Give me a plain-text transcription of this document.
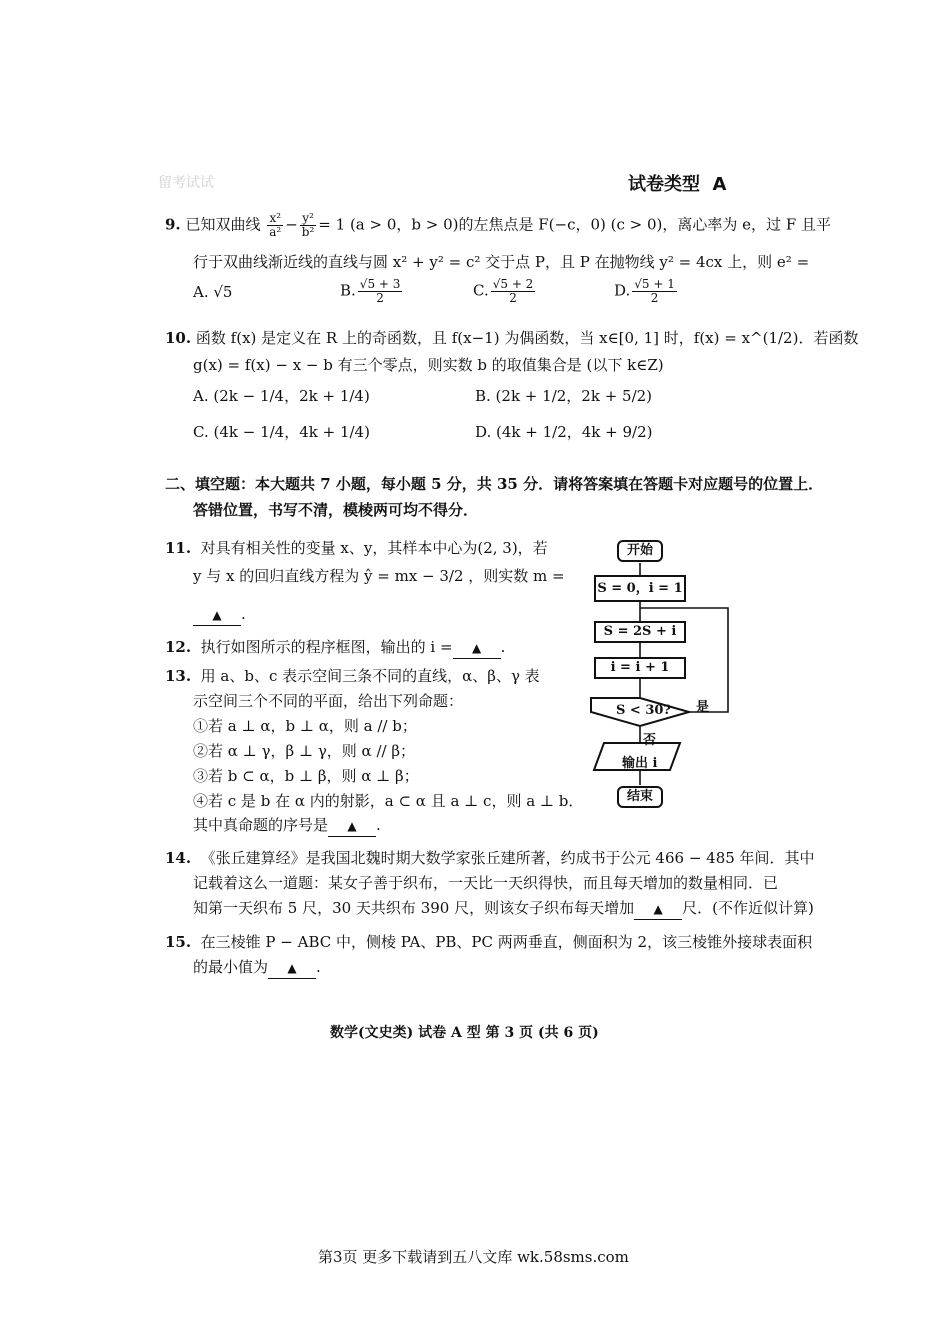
留考试试	试卷类型 A
9. 已知双曲线 $\frac{\text{x²}}{\text{a²}} - \frac{\text{y²}}{\text{b²}} = 1$ (a > 0，b > 0)的左焦点是 F(−c，0) (c > 0)，离心率为 e，过 F 且平
行于双曲线渐近线的直线与圆 x² + y² = c² 交于点 P，且 P 在抛物线 y² = 4cx 上，则 e² =
A. √5	B. $\frac{√5 + 3}{2}$	C. $\frac{√5 + 2}{2}$	D. $\frac{√5 + 1}{2}$
10. 函数 f(x) 是定义在 R 上的奇函数，且 f(x−1) 为偶函数，当 x∈[0, 1] 时，f(x) = x^(1/2)．若函数
g(x) = f(x) − x − b 有三个零点，则实数 b 的取值集合是 (以下 k∈Z)
A. (2k − 1/4，2k + 1/4)	B. (2k + 1/2，2k + 5/2)
C. (4k − 1/4，4k + 1/4)	D. (4k + 1/2，4k + 9/2)
二、填空题：本大题共 7 小题，每小题 5 分，共 35 分．请将答案填在答题卡对应题号的位置上．
答错位置，书写不清，模棱两可均不得分．
11. 对具有相关性的变量 x、y，其样本中心为(2, 3)，若
y 与 x 的回归直线方程为 ŷ = mx − 3/2 ，则实数 m =
▲ .
12. 执行如图所示的程序框图，输出的 i = ▲ .
13. 用 a、b、c 表示空间三条不同的直线，α、β、γ 表
示空间三个不同的平面，给出下列命题：
①若 a ⊥ α，b ⊥ α，则 a // b；
②若 α ⊥ γ，β ⊥ γ，则 α // β；
③若 b ⊂ α，b ⊥ β，则 α ⊥ β；
④若 c 是 b 在 α 内的射影，a ⊂ α 且 a ⊥ c，则 a ⊥ b．
其中真命题的序号是 ▲ .
14. 《张丘建算经》是我国北魏时期大数学家张丘建所著，约成书于公元 466 − 485 年间．其中
记载着这么一道题：某女子善于织布，一天比一天织得快，而且每天增加的数量相同．已
知第一天织布 5 尺，30 天共织布 390 尺，则该女子织布每天增加 ▲ 尺．(不作近似计算)
15. 在三棱锥 P − ABC 中，侧棱 PA、PB、PC 两两垂直，侧面积为 2，该三棱锥外接球表面积
的最小值为 ▲ .
开始
S = 0，i = 1
S = 2S + i
i = i + 1
S < 30? 是
否
输出 i
结束
数学(文史类) 试卷 A 型 第 3 页 (共 6 页)
第3页 更多下载请到五八文库 wk.58sms.com
